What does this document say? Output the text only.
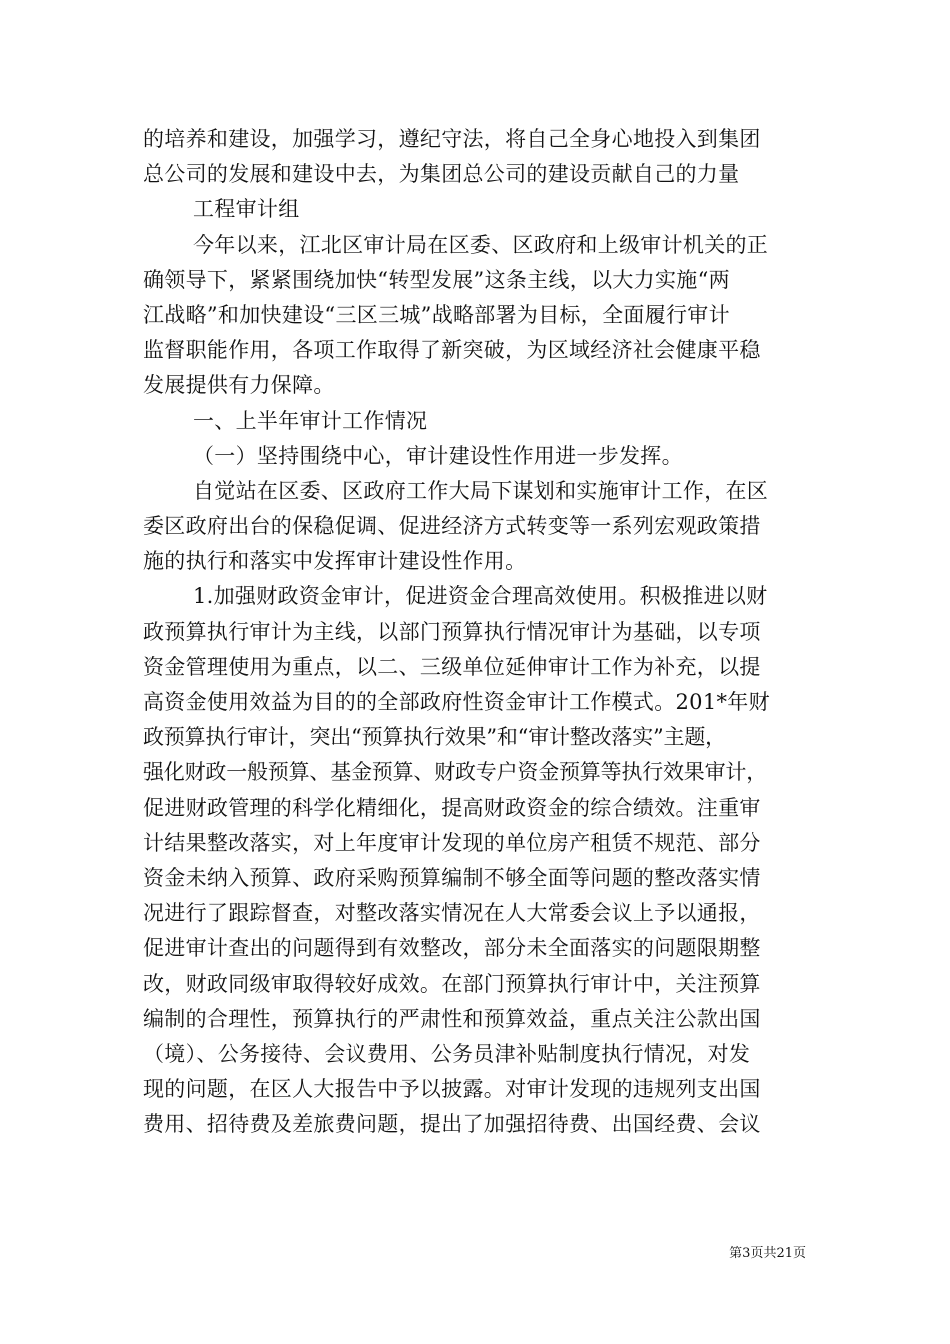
的培养和建设，加强学习，遵纪守法，将自己全身心地投入到集团
总公司的发展和建设中去，为集团总公司的建设贡献自己的力量
工程审计组
今年以来，江北区审计局在区委、区政府和上级审计机关的正
确领导下，紧紧围绕加快“转型发展”这条主线，以大力实施“两
江战略”和加快建设“三区三城”战略部署为目标，全面履行审计
监督职能作用，各项工作取得了新突破，为区域经济社会健康平稳
发展提供有力保障。
一、上半年审计工作情况
（一）坚持围绕中心，审计建设性作用进一步发挥。
自觉站在区委、区政府工作大局下谋划和实施审计工作，在区
委区政府出台的保稳促调、促进经济方式转变等一系列宏观政策措
施的执行和落实中发挥审计建设性作用。
1.加强财政资金审计，促进资金合理高效使用。积极推进以财
政预算执行审计为主线，以部门预算执行情况审计为基础，以专项
资金管理使用为重点，以二、三级单位延伸审计工作为补充，以提
高资金使用效益为目的的全部政府性资金审计工作模式。201*年财
政预算执行审计，突出“预算执行效果”和“审计整改落实”主题，
强化财政一般预算、基金预算、财政专户资金预算等执行效果审计，
促进财政管理的科学化精细化，提高财政资金的综合绩效。注重审
计结果整改落实，对上年度审计发现的单位房产租赁不规范、部分
资金未纳入预算、政府采购预算编制不够全面等问题的整改落实情
况进行了跟踪督查，对整改落实情况在人大常委会议上予以通报，
促进审计查出的问题得到有效整改，部分未全面落实的问题限期整
改，财政同级审取得较好成效。在部门预算执行审计中，关注预算
编制的合理性，预算执行的严肃性和预算效益，重点关注公款出国
（境）、公务接待、会议费用、公务员津补贴制度执行情况，对发
现的问题，在区人大报告中予以披露。对审计发现的违规列支出国
费用、招待费及差旅费问题，提出了加强招待费、出国经费、会议
第3页共21页
